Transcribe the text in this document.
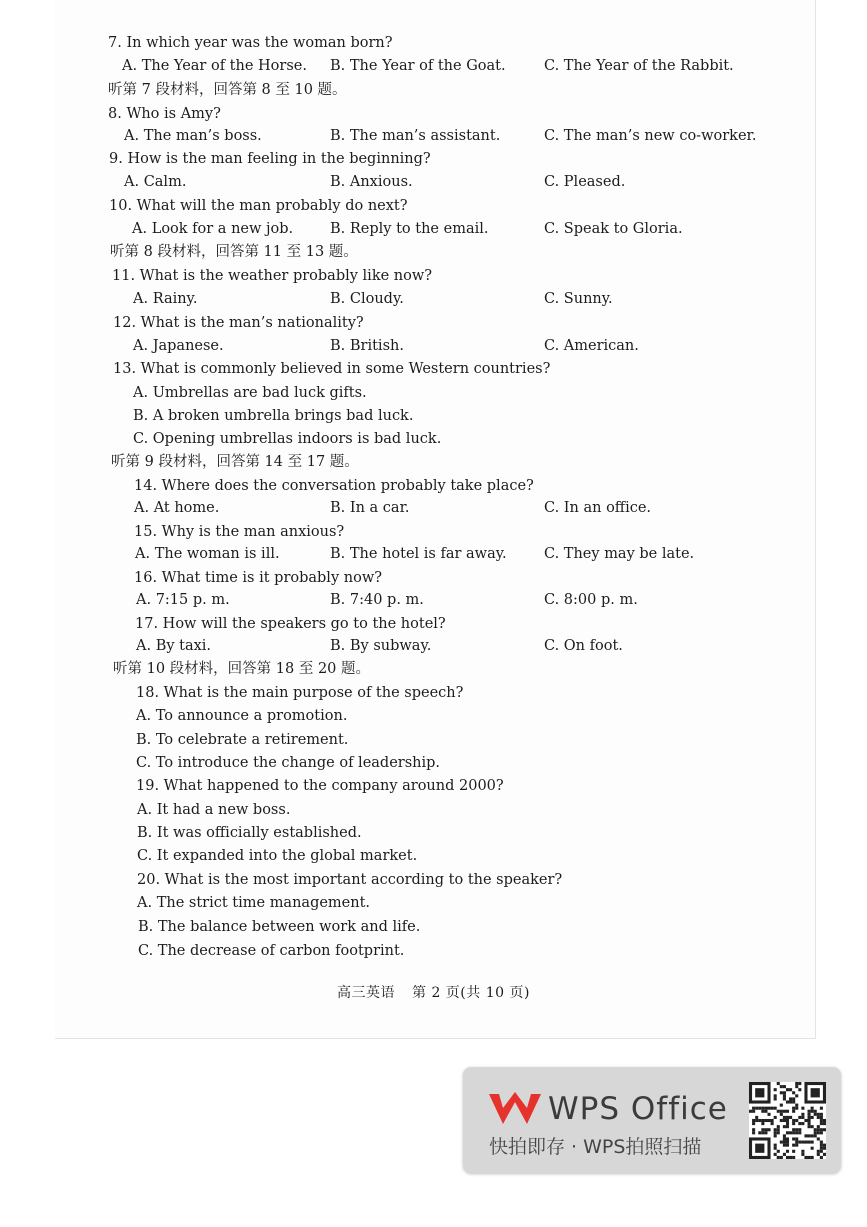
7. In which year was the woman born?
A. The Year of the Horse. B. The Year of the Goat.	C. The Year of the Rabbit.
听第 7 段材料，回答第 8 至 10 题。
8. Who is Amy?
A. The man’s boss.	B. The man’s assistant.	C. The man’s new co-worker.
9. How is the man feeling in the beginning?
A. Calm.	B. Anxious.	C. Pleased.
10. What will the man probably do next?
A. Look for a new job.	B. Reply to the email.	C. Speak to Gloria.
听第 8 段材料，回答第 11 至 13 题。
11. What is the weather probably like now?
A. Rainy.	B. Cloudy.	C. Sunny.
12. What is the man’s nationality?
A. Japanese.	B. British.	C. American.
13. What is commonly believed in some Western countries?
A. Umbrellas are bad luck gifts.
B. A broken umbrella brings bad luck.
C. Opening umbrellas indoors is bad luck.
听第 9 段材料，回答第 14 至 17 题。
14. Where does the conversation probably take place?
A. At home.	B. In a car.	C. In an office.
15. Why is the man anxious?
A. The woman is ill.	B. The hotel is far away.	C. They may be late.
16. What time is it probably now?
A. 7:15 p. m.	B. 7:40 p. m.	C. 8:00 p. m.
17. How will the speakers go to the hotel?
A. By taxi.	B. By subway.	C. On foot.
听第 10 段材料，回答第 18 至 20 题。
18. What is the main purpose of the speech?
A. To announce a promotion.
B. To celebrate a retirement.
C. To introduce the change of leadership.
19. What happened to the company around 2000?
A. It had a new boss.
B. It was officially established.
C. It expanded into the global market.
20. What is the most important according to the speaker?
A. The strict time management.
B. The balance between work and life.
C. The decrease of carbon footprint.
高三英语 第 2 页(共 10 页)
WPS Office
快拍即存 · WPS拍照扫描
